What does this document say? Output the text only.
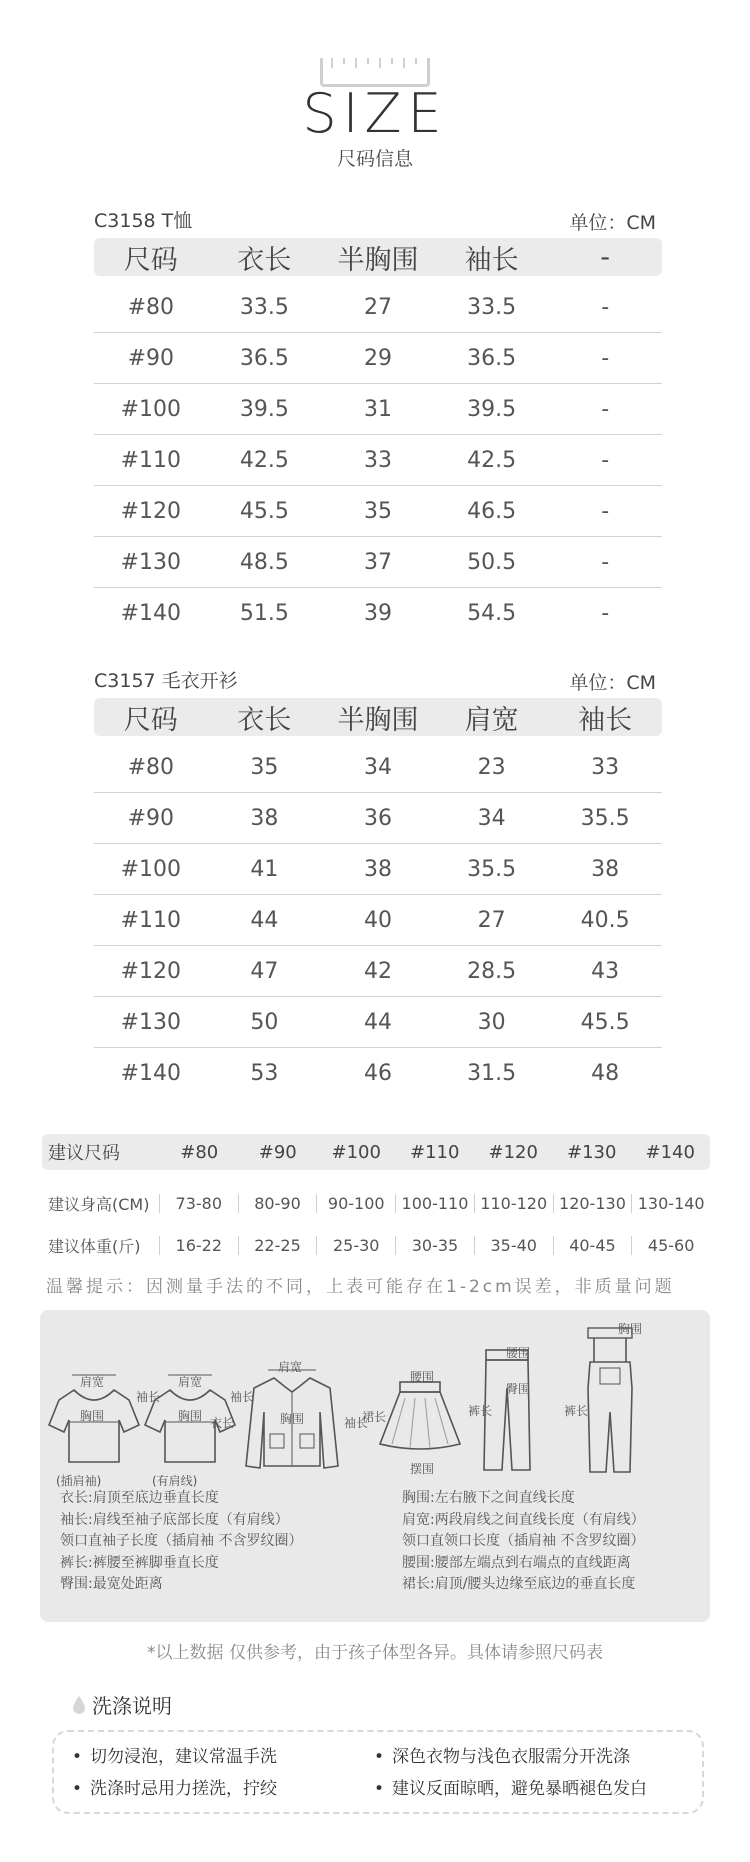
SIZE
尺码信息
C3158 T恤	单位：CM
尺码	衣长	半胸围	袖长	-
#80	33.5	27	33.5	-
#90	36.5	29	36.5	-
#100	39.5	31	39.5	-
#110	42.5	33	42.5	-
#120	45.5	35	46.5	-
#130	48.5	37	50.5	-
#140	51.5	39	54.5	-
C3157 毛衣开衫	单位：CM
尺码	衣长	半胸围	肩宽	袖长
#80	35	34	23	33
#90	38	36	34	35.5
#100	41	38	35.5	38
#110	44	40	27	40.5
#120	47	42	28.5	43
#130	50	44	30	45.5
#140	53	46	31.5	48
建议尺码	#80	#90	#100	#110	#120	#130	#140
建议身高(CM)	73-80	80-90	90-100	100-110 110-120 120-130 130-140
建议体重(斤)	16-22	22-25	25-30	30-35	35-40	40-45	45-60
温馨提示：因测量手法的不同，上表可能存在1-2cm误差，非质量问题
肩宽
胸围
袖长
(插肩袖)
肩宽
胸围
袖长
(有肩线)
肩宽
胸围
衣长	袖长
腰围
裙长
摆围
腰围
臀围
裤长
胸围
裤长
衣长:肩顶至底边垂直长度
袖长:肩线至袖子底部长度（有肩线）
领口直袖子长度（插肩袖 不含罗纹圈）
裤长:裤腰至裤脚垂直长度
臀围:最宽处距离
胸围:左右腋下之间直线长度
肩宽:两段肩线之间直线长度（有肩线）
领口直领口长度（插肩袖 不含罗纹圈）
腰围:腰部左端点到右端点的直线距离
裙长:肩顶/腰头边缘至底边的垂直长度
*以上数据 仅供参考，由于孩子体型各异。具体请参照尺码表
洗涤说明
• 切勿浸泡，建议常温手洗	• 深色衣物与浅色衣服需分开洗涤
• 洗涤时忌用力搓洗，拧绞	• 建议反面晾晒，避免暴晒褪色发白
